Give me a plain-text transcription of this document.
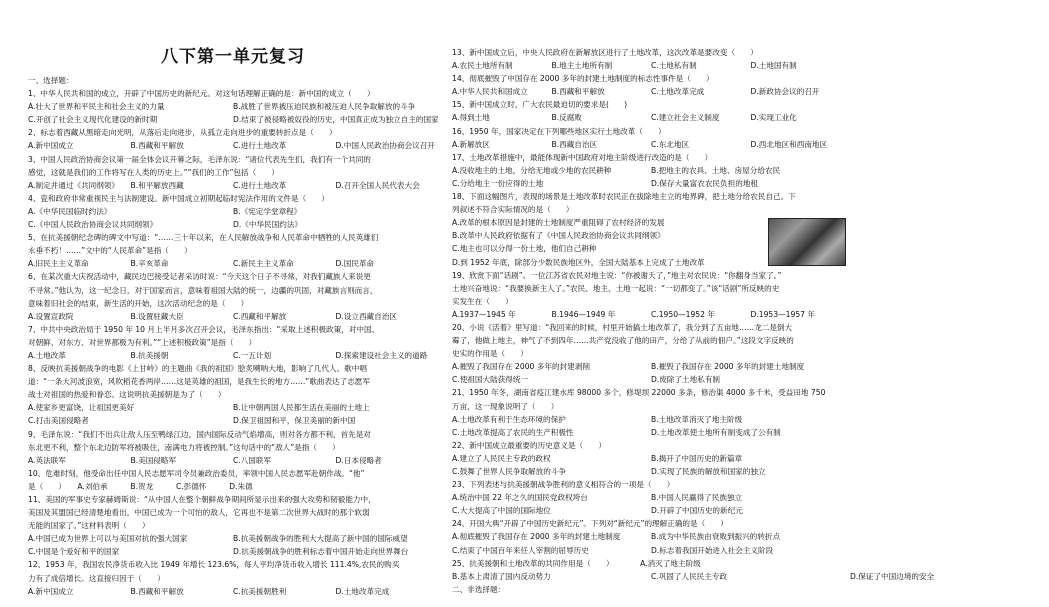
八下第一单元复习

一、选择题：

1、中华人民共和国的成立，开辟了中国历史的新纪元。对这句话理解正确的是：新中国的成立（　　）

A.壮大了世界和平民主和社会主义的力量	B.战胜了世界被压迫民族和被压迫人民争取解放的斗争

C.开创了社会主义现代化建设的新时期	D.结束了被侵略被奴役的历史，中国真正成为独立自主的国家

2、标志着西藏从黑暗走向光明，从落后走向进步，从孤立走向进步的重要转折点是（　　）

A.新中国成立	B.西藏和平解放	C.进行土地改革	D.中国人民政治协商会议召开

3、中国人民政治协商会议第一届全体会议开幕之际，毛泽东说：“诸位代表先生们，我们有一个共同的

感觉，这就是我们的工作将写在人类的历史上。”“我们的工作”包括（　　）

A.制定并通过《共同纲领》 B.和平解放西藏	C.进行土地改革	D.召开全国人民代表大会

4、瓷和政府非常重视民主与法制建设。新中国成立初期起临时宪法作用的文件是（　　）

A.《中华民国临时约法》	B.《宪定学堂章程》

C.《中国人民政治协商会议共同纲领》	D.《中华民国约法》

5、在抗美援朝纪念碑的碑文中写道：“……三十年以来，在人民解放战争和人民革命中牺牲的人民英雄们

永垂不朽！……”文中的“人民革命”是指（　　）

A.旧民主主义革命	B.辛亥革命	C.新民主主义革命	D.国民革命

6、在某次重大庆祝活动中，藏民边巴接受记者采访时说：“今天这个日子不寻常，对我们藏族人来说更

不寻常。”他认为，这一纪念日，对于国家而言，意味着祖国大陆的统一，边疆的巩固，对藏族言则而言，

意味着旧社会的结束，新生活的开始，这次活动纪念的是（　　）

A.设置宣政院	B.设置驻藏大臣	C.西藏和平解放	D.设立西藏自治区

7、中共中央政治局于 1950 年 10 月上半月多次召开会议，毛泽东指出：“采取上述积极政策，对中国、

对朝鲜、对东方、对世界都极为有利。”“上述积极政策”是指（　　）

A.土地改革	B.抗美援朝	C.一五计划	D.探索建设社会主义的道路

8、反映抗美援朝战争的电影《上甘岭》的主题曲《我的祖国》脍炙嗍呐大地，影响了几代人。歌中唱

道：“一条大河波浪宽，风吹稻花香两岸……这是英雄的祖国，是我生长的地方……”歌曲表达了志愿军

战士对祖国的热爱和眷恋。这说明抗美援朝是为了（　　）

A.使家乡更富饶，让祖国更美好	B.让中朝两国人民都生活在美丽的土地上

C.打击美国侵略者	D.保卫祖国和平，保卫美丽的新中国

9、毛泽东说：“我们不出兵让敌人压至鸭绿江边，国内国际反动气焰增高，则对各方都不利，首先是对

东北更不利，整个东北边防军将被吸住，南满电力将被控制。”这句话中的“敌人”是指（　　）

A.英法联军	B.美国侵略军	C.八国联军	D.日本侵略者

10、危难时刻，他受命出任中国人民志愿军司令员兼政治委员，率领中国人民志愿军赴朝作战。“他”

是（　　）　　A.刘伯承　　　B.贺龙　　　C.彭德怀　　　D.朱德

11、美国的军事史专家赫姆斯说：“从中国人在整个朝鲜战争期间所显示出来的强大攻势和韧毅能力中，

美国及其盟国已经清楚地看出，中国已成为一个可怕的敌人，它再也不是第二次世界大战时的那个软弱

无能的国家了。”这材料表明（　　）

A.中国已成为世界上可以与美国对抗的强大国家	B.抗美援朝战争的胜利大大提高了新中国的国际威望

C.中国是个爱好和平的国家	D.抗美援朝战争的胜利标志着中国开始走向世界舞台

12、1953 年，我国农民净货币收入比 1949 年增长 123.6%，每人平均净货币收入增长 111.4%,农民的购买

力有了成倍增长。这直接归因于（　　）

A.新中国成立	B.西藏和平解放	C.抗美援朝胜利	D.土地改革完成

13、新中国成立后，中央人民政府在新解放区进行了土地改革，这次改革是要改变（　　）

A.农民土地所有制	B.地主土地所有制	C.土地私有制	D.土地国有制

14、彻底摧毁了中国存在 2000 多年的封建土地制度的标志性事件是（　　）

A.中华人民共和国成立	B.西藏和平解放	C.土地改革完成	D.新政协会议的召开

15、新中国成立时，广大农民最迫切的要求是(　　)

A.得到土地	B.反腐败	C.建立社会主义制度	D.实现工业化

16、1950 年，国家决定在下列哪些地区实行土地改革（　　）

A.新解放区	B.西藏自治区	C.东北地区	D.西北地区和西南地区

17、土地改革措施中，最能体现新中国政府对地主阶级进行改造的是（　　）

A.没收地主的土地，分给无地或少地的农民耕种	B.把地主的农具、土地、房屋分给农民

C.分给地主一份应得的土地	D.保存大量富农农民负担的地租

18、下面这幅图片，表现的场景是土地改革时农民正在拔除地主立的地界碑，把土地分给农民自己。下

列叙述不符合实际情况的是（　　）

A.改革的根本原因是封建的土地制度严重阻碍了农村经济的发展

B.改革中人民政府依据有了《中国人民政治协商会议共同纲领》

C.地主也可以分得一份土地，他们自己耕种

D.到 1952 年底，除部分少数民族地区外，全国大陆基本上完成了土地改革

19、欣赏下面“话剧”。一位江苏省农民对地主说：“你被谢夭了，”地主对农民说：“你翻身当家了。”

土地兴奋地说：“我要换新主人了。”农民、地主、土地一起说：“一切都变了。”该“话剧”所反映的史

实发生在（　　）

A.1937—1945 年	B.1946—1949 年	C.1950—1952 年	D.1953—1957 年

20、小说《活着》里写道：“我回来的时候，村里开始搞土地改革了，我分到了五亩地……龙二是倒大

霉了，他做上地主，神气了不到四年……共产党没收了他的田产，分给了从前的佃户。”这段文字反映的

史实的作用是（　　）

A.摧毁了我国存在 2000 多年的封建剥削	B.摧毁了我国存在 2000 多年的封建土地制度

C.使祖国大陆获得统一	D.废除了土地私有制

21、1950 年冬，湖南省疫江建水库 98000 多个，修堤坝 22000 多条，修治渠 4000 多千米，受益田地 750

万亩，这一现象说明了（　　）

A.土地改革有利于生态环境的保护	B.土地改革消灭了地主阶级

C.土地改革提高了农民的生产积极性	D.土地改革使土地所有制变成了公有制

22、新中国成立最重要的历史意义是（　　）

A.建立了人民民主专政的政权	B.揭开了中国历史的新篇章

C.鼓舞了世界人民争取解放的斗争	D.实现了民族的解放和国家的独立

23、下列表述与抗美援朝战争胜利的意义相符合的一项是（　　）

A.统治中国 22 年之久的国民党政权垮台	B.中国人民赢得了民族独立

C.大大提高了中国的国际地位	D.开辟了中国历史的新纪元

24、开国大典“开辟了中国历史新纪元”。下列对“新纪元”的理解正确的是（　　）

A.彻底摧毁了我国存在 2000 多年的封建土地制度	B.成为中华民族由衰败到振兴的转折点

C.结束了中国百年来任人宰割的屈辱历史	D.标志着我国开始进入社会主义阶段

25、抗美援朝和土地改革的共同作用是（　　）　　　　A.消灭了地主阶级

B.基本上肃清了国内反动势力	C.巩固了人民民主专政	D.保证了中国边境的安全

二、非选择题：
